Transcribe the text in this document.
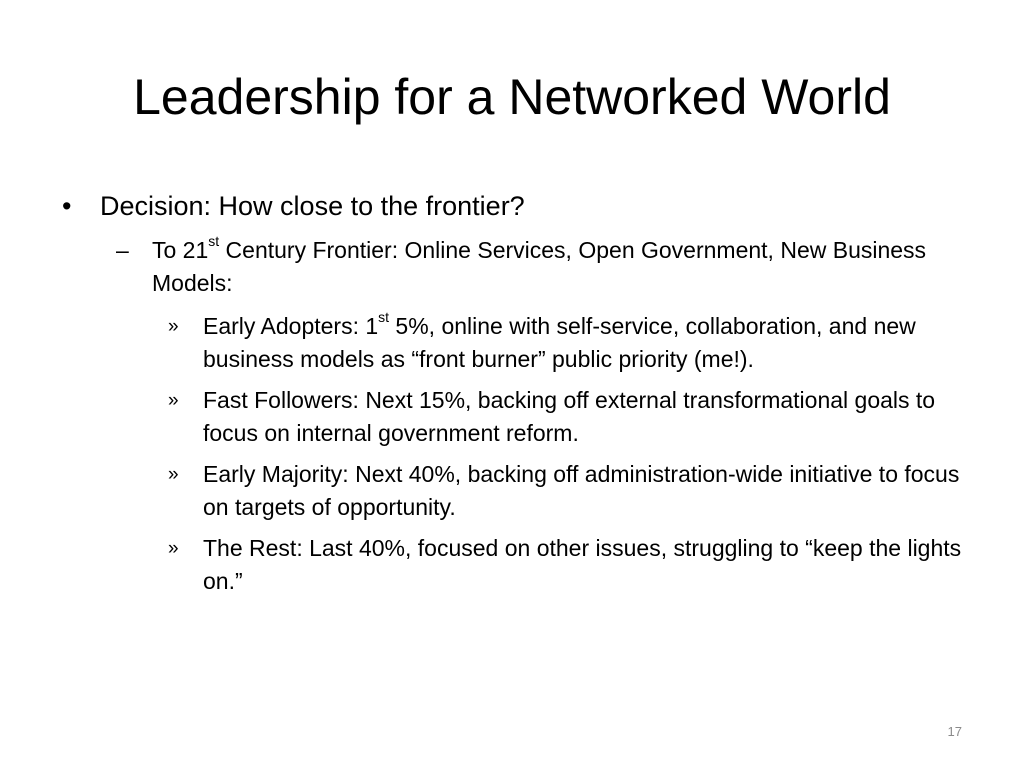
Leadership for a Networked World
•	Decision: How close to the frontier?
–	To 21st Century Frontier: Online Services, Open Government, New Business Models:
»	Early Adopters: 1st 5%, online with self-service, collaboration, and new business models as “front burner” public priority (me!).
»	Fast Followers: Next 15%, backing off external transformational goals to focus on internal government reform.
»	Early Majority: Next 40%, backing off administration-wide initiative to focus on targets of opportunity.
»	The Rest: Last 40%, focused on other issues, struggling to “keep the lights on.”
17
